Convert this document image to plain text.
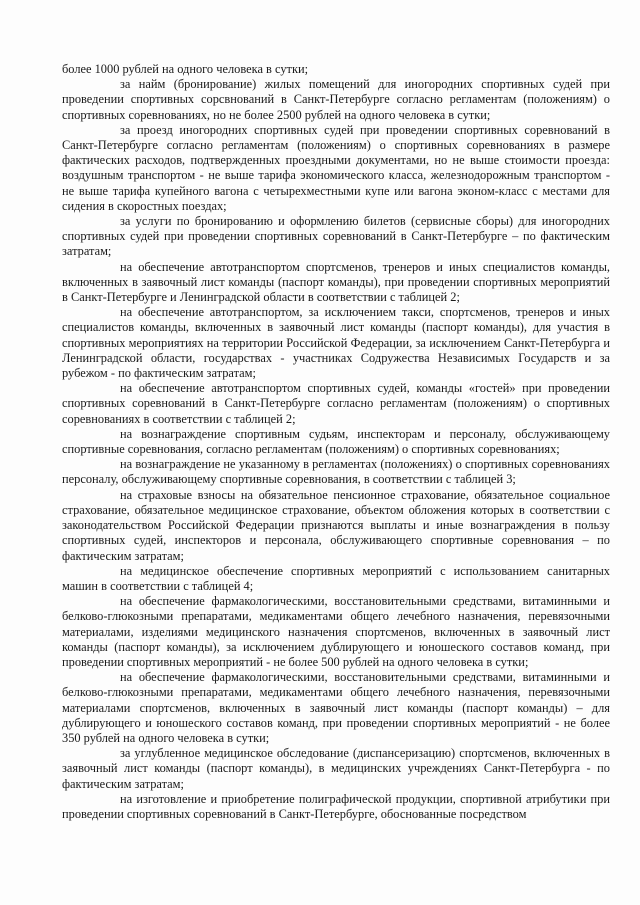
более 1000 рублей на одного человека в сутки;

за найм (бронирование) жилых помещений для иногородних спортивных судей при проведении спортивных сорсвнований в Санкт-Петербурге согласно регламентам (положениям) о спортивных соревнованиях, но не более 2500 рублей на одного человека в сутки;

за проезд иногородних спортивных судей при проведении спортивных соревнований в Санкт-Петербурге согласно регламентам (положениям) о спортивных соревнованиях в размере фактических расходов, подтвержденных проездными документами, но не выше стоимости проезда: воздушным транспортом - не выше тарифа экономического класса, железнодорожным транспортом - не выше тарифа купейного вагона с четырехместными купе или вагона эконом-класс с местами для сидения в скоростных поездах;

за услуги по бронированию и оформлению билетов (сервисные сборы) для иногородних спортивных судей при проведении спортивных соревнований в Санкт-Петербурге – по фактическим затратам;

на обеспечение автотранспортом спортсменов, тренеров и иных специалистов команды, включенных в заявочный лист команды (паспорт команды), при проведении спортивных мероприятий в Санкт-Петербурге и Ленинградской области в соответствии с таблицей 2;

на обеспечение автотранспортом, за исключением такси, спортсменов, тренеров и иных специалистов команды, включенных в заявочный лист команды (паспорт команды), для участия в спортивных мероприятиях на территории Российской Федерации, за исключением Санкт-Петербурга и Ленинградской области, государствах - участниках Содружества Независимых Государств и за рубежом - по фактическим затратам;

на обеспечение автотранспортом спортивных судей, команды «гостей» при проведении спортивных соревнований в Санкт-Петербурге согласно регламентам (положениям) о спортивных соревнованиях в соответствии с таблицей 2;

на вознаграждение спортивным судьям, инспекторам и персоналу, обслуживающему спортивные соревнования, согласно регламентам (положениям) о спортивных соревнованиях;

на вознаграждение не указанному в регламентах (положениях) о спортивных соревнованиях персоналу, обслуживающему спортивные соревнования, в соответствии с таблицей 3;

на страховые взносы на обязательное пенсионное страхование, обязательное социальное страхование, обязательное медицинское страхование, объектом обложения которых в соответствии с законодательством Российской Федерации признаются выплаты и иные вознаграждения в пользу спортивных судей, инспекторов и персонала, обслуживающего спортивные соревнования – по фактическим затратам;

на медицинское обеспечение спортивных мероприятий с использованием санитарных машин в соответствии с таблицей 4;

на обеспечение фармакологическими, восстановительными средствами, витаминными и белково-глюкозными препаратами, медикаментами общего лечебного назначения, перевязочными материалами, изделиями медицинского назначения спортсменов, включенных в заявочный лист команды (паспорт команды), за исключением дублирующего и юношеского составов команд, при проведении спортивных мероприятий - не более 500 рублей на одного человека в сутки;

на обеспечение фармакологическими, восстановительными средствами, витаминными и белково-глюкозными препаратами, медикаментами общего лечебного назначения, перевязочными материалами спортсменов, включенных в заявочный лист команды (паспорт команды) – для дублирующего и юношеского составов команд, при проведении спортивных мероприятий - не более 350 рублей на одного человека в сутки;

за углубленное медицинское обследование (диспансеризацию) спортсменов, включенных в заявочный лист команды (паспорт команды), в медицинских учреждениях Санкт-Петербурга - по фактическим затратам;

на изготовление и приобретение полиграфической продукции, спортивной атрибутики при проведении спортивных соревнований в Санкт-Петербурге, обоснованные посредством
